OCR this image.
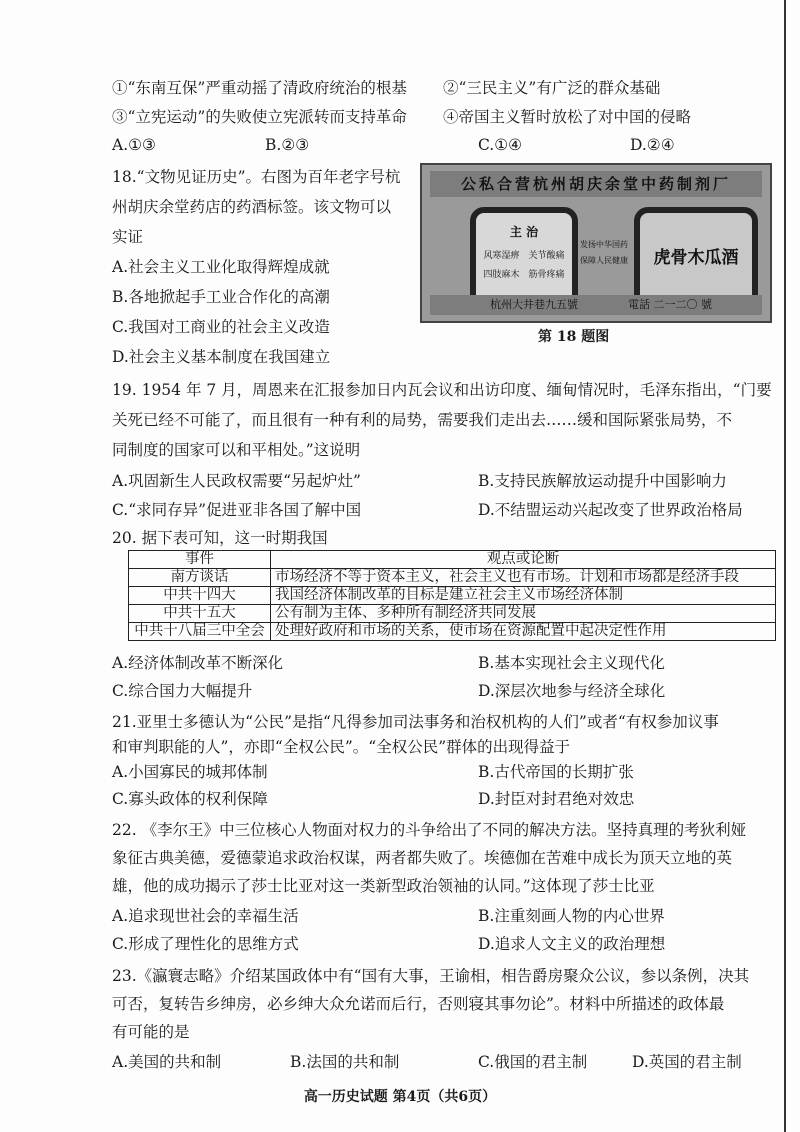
①“东南互保”严重动摇了清政府统治的根基 ②“三民主义”有广泛的群众基础
③“立宪运动”的失败使立宪派转而支持革命 ④帝国主义暂时放松了对中国的侵略
A.①③	B.②③	C.①④	D.②④
18.“文物见证历史”。右图为百年老字号杭
州胡庆余堂药店的药酒标签。该文物可以
实证
A.社会主义工业化取得辉煌成就
B.各地掀起手工业合作化的高潮
C.我国对工商业的社会主义改造
D.社会主义基本制度在我国建立
公私合营杭州胡庆余堂中药制剂厂
主 治
风寒湿痹　关节酸痛
四肢麻木　筋骨疼痛
发扬中华国药
保障人民健康	虎骨木瓜酒
杭州大井巷九五號	電話 二一二〇 號
第 18 题图
19. 1954 年 7 月，周恩来在汇报参加日内瓦会议和出访印度、缅甸情况时，毛泽东指出，“门要
关死已经不可能了，而且很有一种有利的局势，需要我们走出去……缓和国际紧张局势，不
同制度的国家可以和平相处。”这说明
A.巩固新生人民政权需要“另起炉灶”	B.支持民族解放运动提升中国影响力
C.“求同存异”促进亚非各国了解中国	D.不结盟运动兴起改变了世界政治格局
20. 据下表可知，这一时期我国
事件	观点或论断
南方谈话	市场经济不等于资本主义，社会主义也有市场。计划和市场都是经济手段
中共十四大	我国经济体制改革的目标是建立社会主义市场经济体制
中共十五大	公有制为主体、多种所有制经济共同发展
中共十八届三中全会	处理好政府和市场的关系，使市场在资源配置中起决定性作用
A.经济体制改革不断深化	B.基本实现社会主义现代化
C.综合国力大幅提升	D.深层次地参与经济全球化
21.亚里士多德认为“公民”是指“凡得参加司法事务和治权机构的人们”或者“有权参加议事
和审判职能的人”，亦即“全权公民”。“全权公民”群体的出现得益于
A.小国寡民的城邦体制	B.古代帝国的长期扩张
C.寡头政体的权利保障	D.封臣对封君绝对效忠
22. 《李尔王》中三位核心人物面对权力的斗争给出了不同的解决方法。坚持真理的考狄利娅
象征古典美德，爱德蒙追求政治权谋，两者都失败了。埃德伽在苦难中成长为顶天立地的英
雄，他的成功揭示了莎士比亚对这一类新型政治领袖的认同。”这体现了莎士比亚
A.追求现世社会的幸福生活	B.注重刻画人物的内心世界
C.形成了理性化的思维方式	D.追求人文主义的政治理想
23.《瀛寰志略》介绍某国政体中有“国有大事，王谕相，相告爵房聚众公议，参以条例，决其
可否，复转告乡绅房，必乡绅大众允诺而后行，否则寝其事勿论”。材料中所描述的政体最
有可能的是
A.美国的共和制	B.法国的共和制	C.俄国的君主制	D.英国的君主制
高一历史试题 第4页（共6页）
